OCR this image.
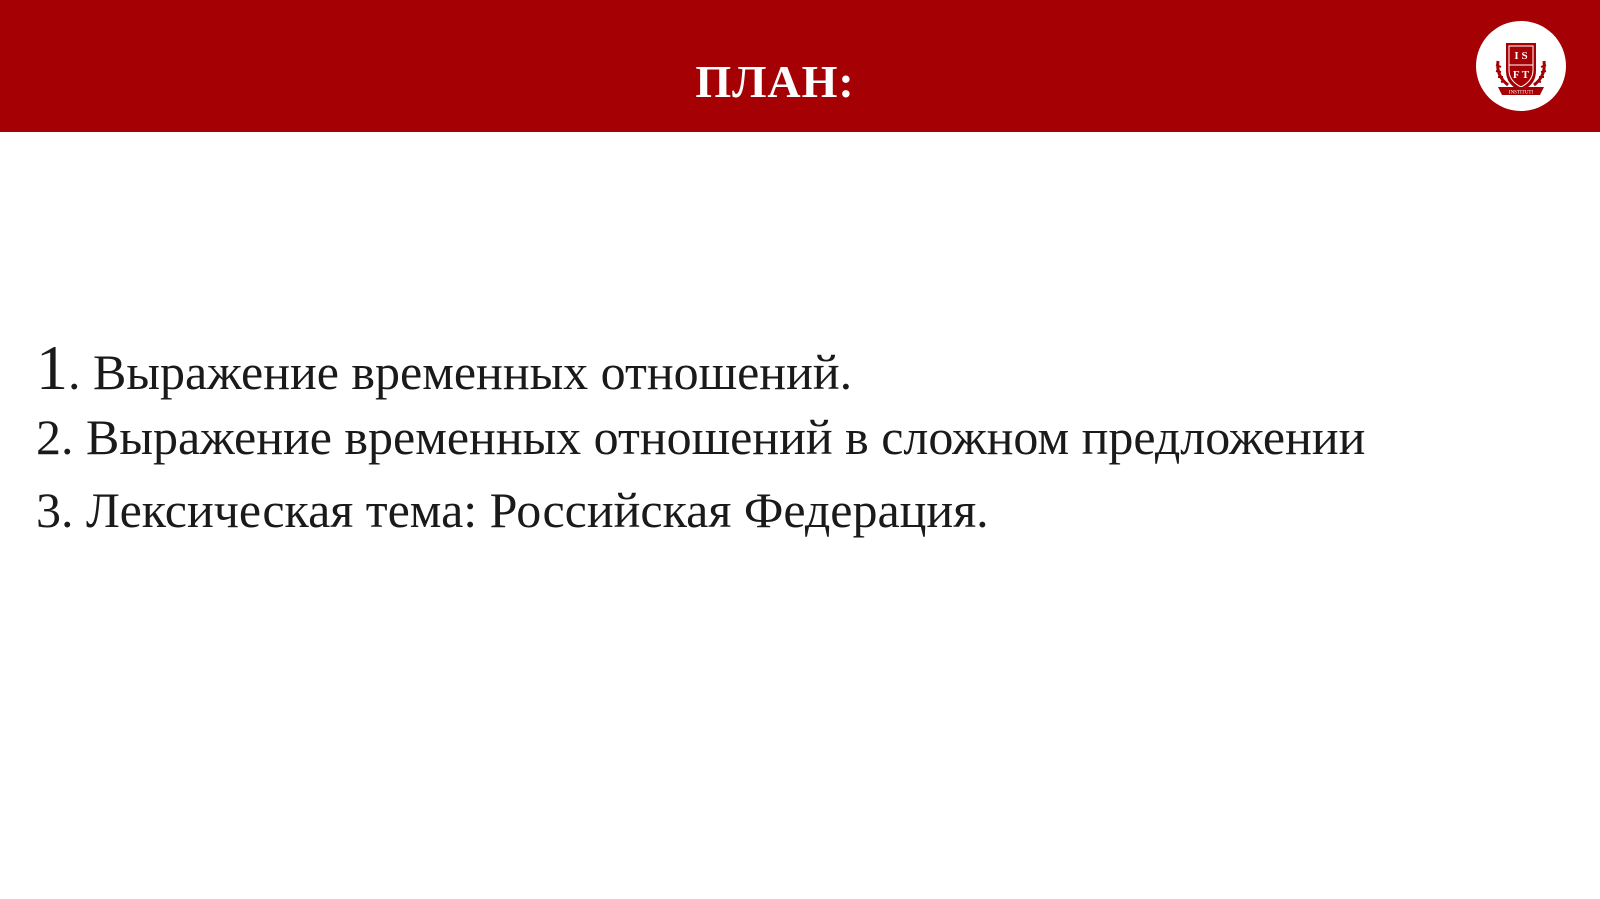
ПЛАН:	I S
F T
INSTITUTI
1. Выражение временных отношений.
2. Выражение временных отношений в сложном предложении
3. Лексическая тема: Российская Федерация.
